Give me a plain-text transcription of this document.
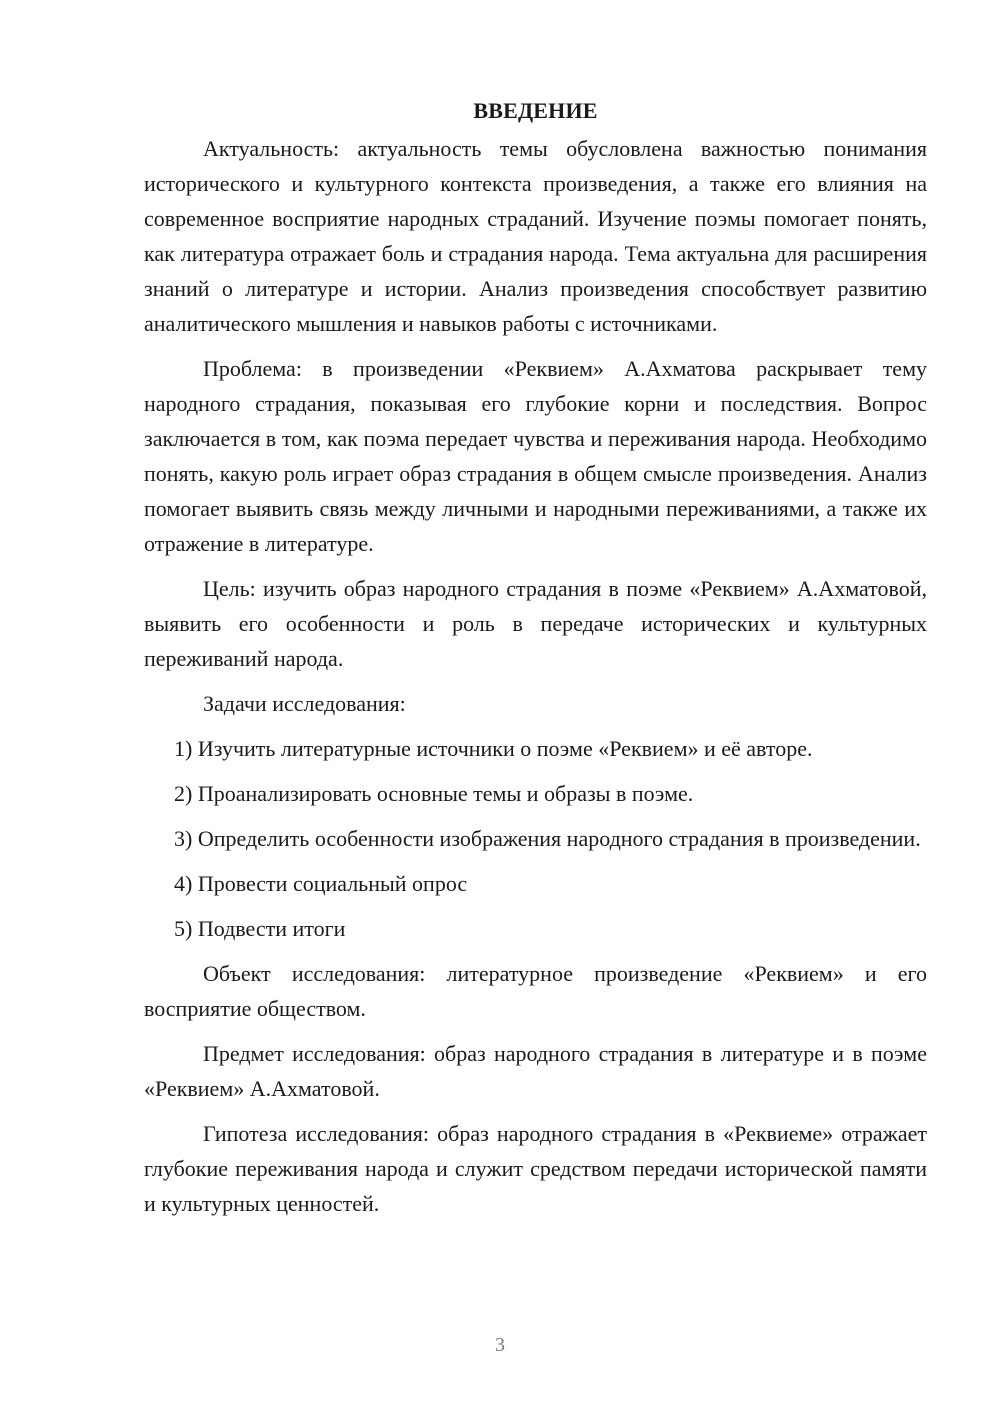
ВВЕДЕНИЕ

Актуальность: актуальность темы обусловлена важностью понимания исторического и культурного контекста произведения, а также его влияния на современное восприятие народных страданий. Изучение поэмы помогает понять, как литература отражает боль и страдания народа. Тема актуальна для расширения знаний о литературе и истории. Анализ произведения способствует развитию аналитического мышления и навыков работы с источниками.

Проблема: в произведении «Реквием» А.Ахматова раскрывает тему народного страдания, показывая его глубокие корни и последствия. Вопрос заключается в том, как поэма передает чувства и переживания народа. Необходимо понять, какую роль играет образ страдания в общем смысле произведения. Анализ помогает выявить связь между личными и народными переживаниями, а также их отражение в литературе.

Цель: изучить образ народного страдания в поэме «Реквием» А.Ахматовой, выявить его особенности и роль в передаче исторических и культурных переживаний народа.

Задачи исследования:

1) Изучить литературные источники о поэме «Реквием» и её авторе.

2) Проанализировать основные темы и образы в поэме.

3) Определить особенности изображения народного страдания в произведении.

4) Провести социальный опрос

5) Подвести итоги

Объект исследования: литературное произведение «Реквием» и его восприятие обществом.

Предмет исследования: образ народного страдания в литературе и в поэме «Реквием» А.Ахматовой.

Гипотеза исследования: образ народного страдания в «Реквиеме» отражает глубокие переживания народа и служит средством передачи исторической памяти и культурных ценностей.

3
